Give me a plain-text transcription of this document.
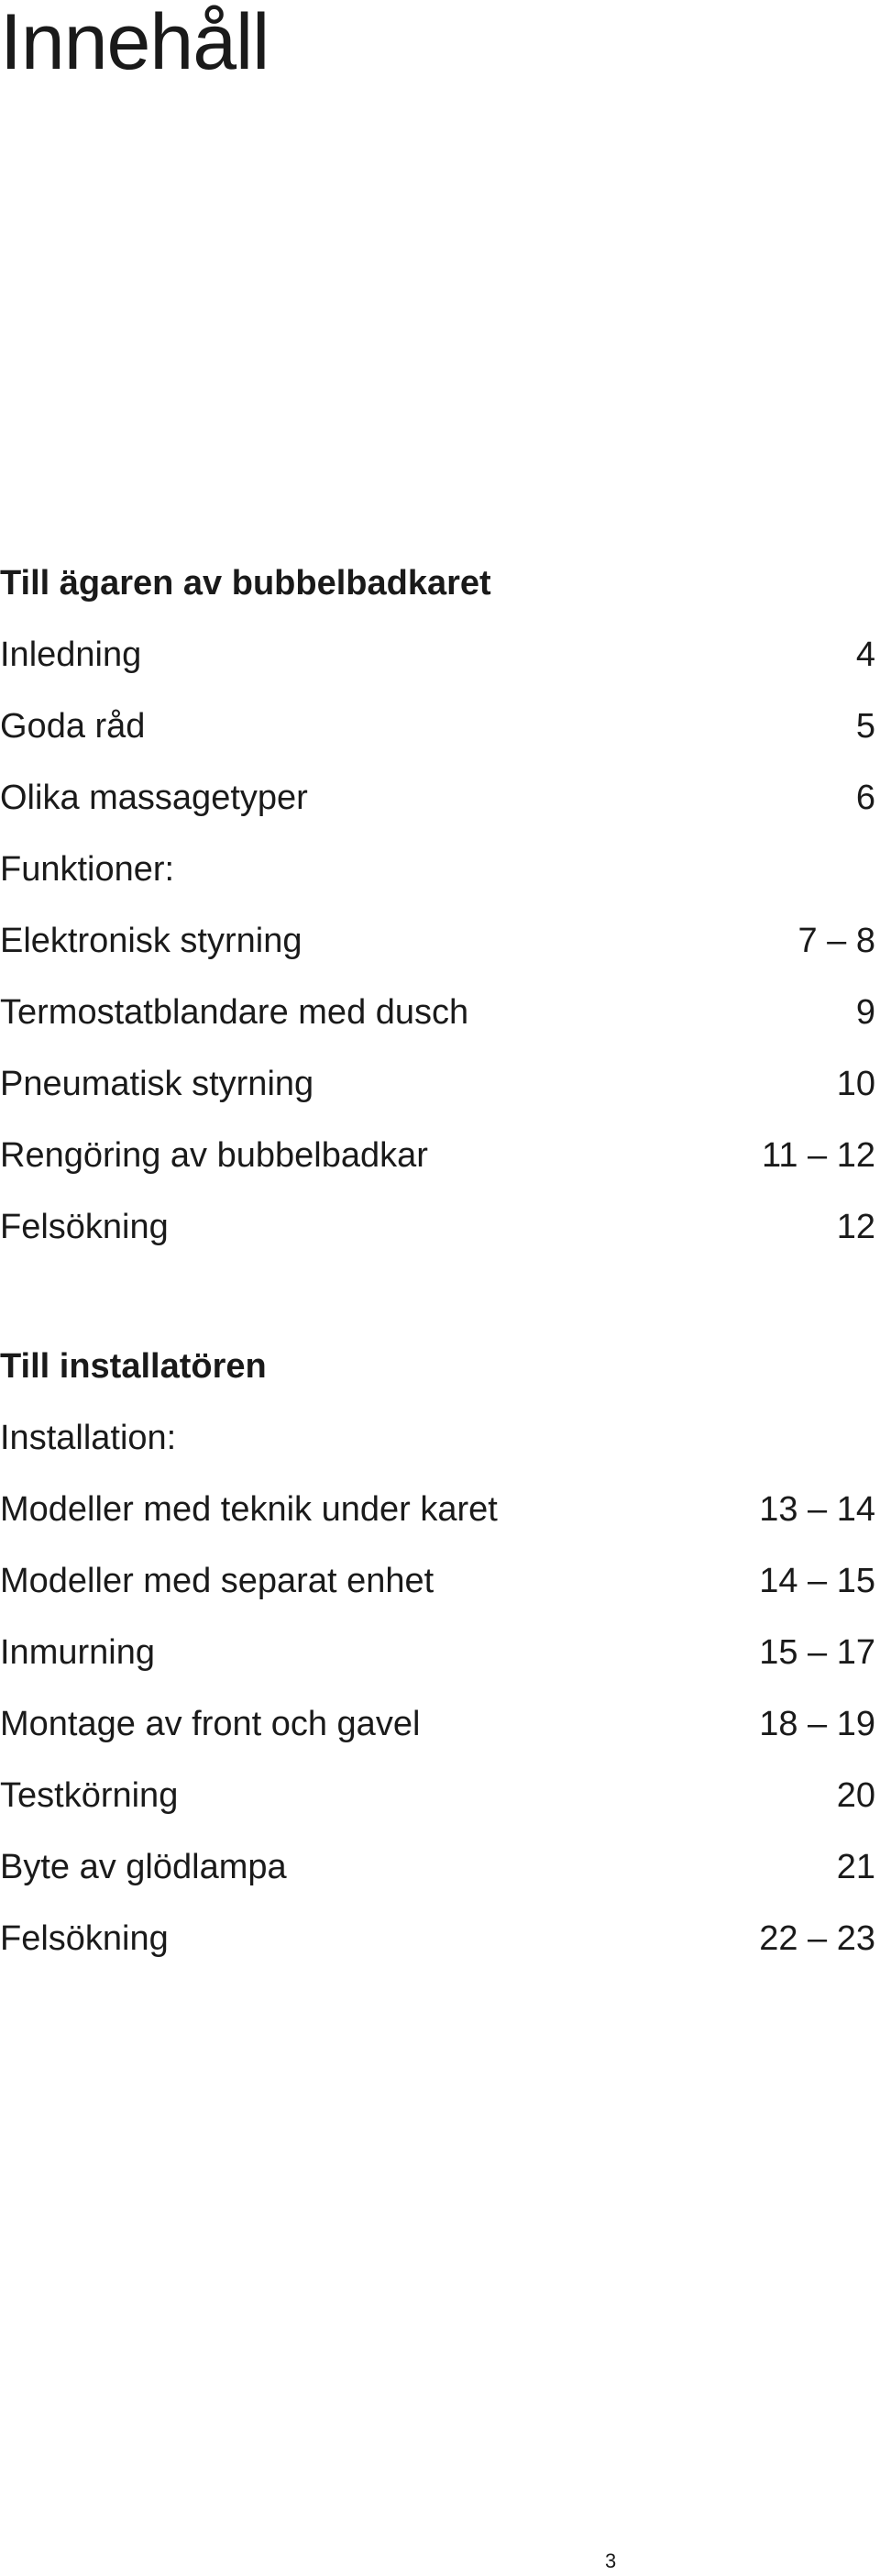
Innehåll
Till ägaren av bubbelbadkaret
Inledning	4
Goda råd	5
Olika massagetyper	6
Funktioner:
Elektronisk styrning	7 – 8
Termostatblandare med dusch	9
Pneumatisk styrning	10
Rengöring av bubbelbadkar	11 – 12
Felsökning	12
Till installatören
Installation:
Modeller med teknik under karet	13 – 14
Modeller med separat enhet	14 – 15
Inmurning	15 – 17
Montage av front och gavel	18 – 19
Testkörning	20
Byte av glödlampa	21
Felsökning	22 – 23
3
